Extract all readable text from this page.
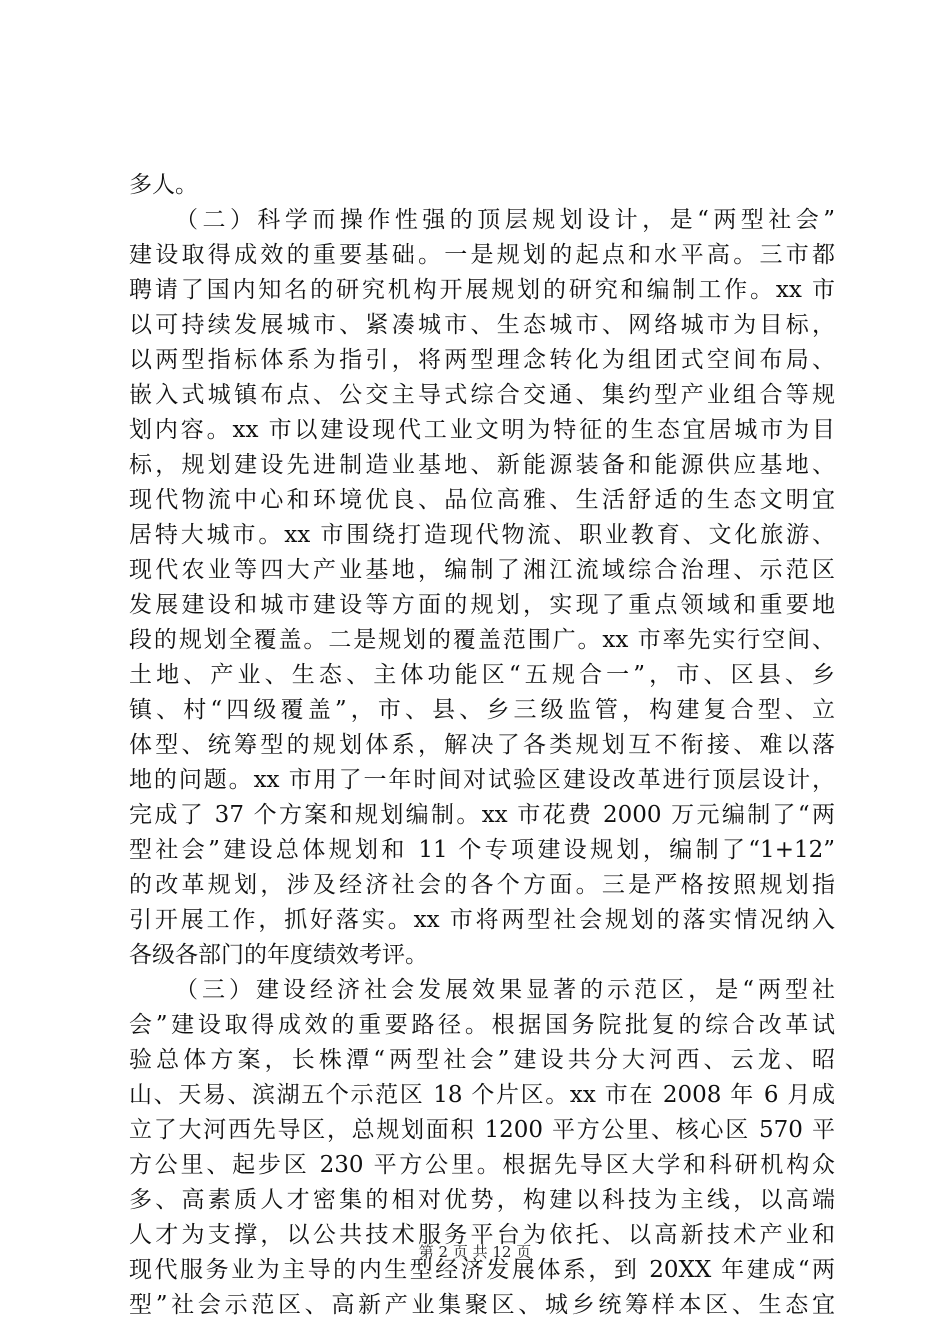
多人。
（二）科学而操作性强的顶层规划设计，是“两型社会”
建设取得成效的重要基础。一是规划的起点和水平高。三市都
聘请了国内知名的研究机构开展规划的研究和编制工作。xx 市
以可持续发展城市、紧凑城市、生态城市、网络城市为目标，
以两型指标体系为指引，将两型理念转化为组团式空间布局、
嵌入式城镇布点、公交主导式综合交通、集约型产业组合等规
划内容。xx 市以建设现代工业文明为特征的生态宜居城市为目
标，规划建设先进制造业基地、新能源装备和能源供应基地、
现代物流中心和环境优良、品位高雅、生活舒适的生态文明宜
居特大城市。xx 市围绕打造现代物流、职业教育、文化旅游、
现代农业等四大产业基地，编制了湘江流域综合治理、示范区
发展建设和城市建设等方面的规划，实现了重点领域和重要地
段的规划全覆盖。二是规划的覆盖范围广。xx 市率先实行空间、
土地、产业、生态、主体功能区“五规合一”，市、区县、乡
镇、村“四级覆盖”，市、县、乡三级监管，构建复合型、立
体型、统筹型的规划体系，解决了各类规划互不衔接、难以落
地的问题。xx 市用了一年时间对试验区建设改革进行顶层设计，
完成了 37 个方案和规划编制。xx 市花费 2000 万元编制了“两
型社会”建设总体规划和 11 个专项建设规划，编制了“1+12”
的改革规划，涉及经济社会的各个方面。三是严格按照规划指
引开展工作，抓好落实。xx 市将两型社会规划的落实情况纳入
各级各部门的年度绩效考评。
（三）建设经济社会发展效果显著的示范区，是“两型社
会”建设取得成效的重要路径。根据国务院批复的综合改革试
验总体方案，长株潭“两型社会”建设共分大河西、云龙、昭
山、天易、滨湖五个示范区 18 个片区。xx 市在 2008 年 6 月成
立了大河西先导区，总规划面积 1200 平方公里、核心区 570 平
方公里、起步区 230 平方公里。根据先导区大学和科研机构众
多、高素质人才密集的相对优势，构建以科技为主线，以高端
人才为支撑，以公共技术服务平台为依托、以高新技术产业和
现代服务业为主导的内生型经济发展体系，到 20XX 年建成“两
型”社会示范区、高新产业集聚区、城乡统筹样本区、生态宜
第 2 页 共 12 页
